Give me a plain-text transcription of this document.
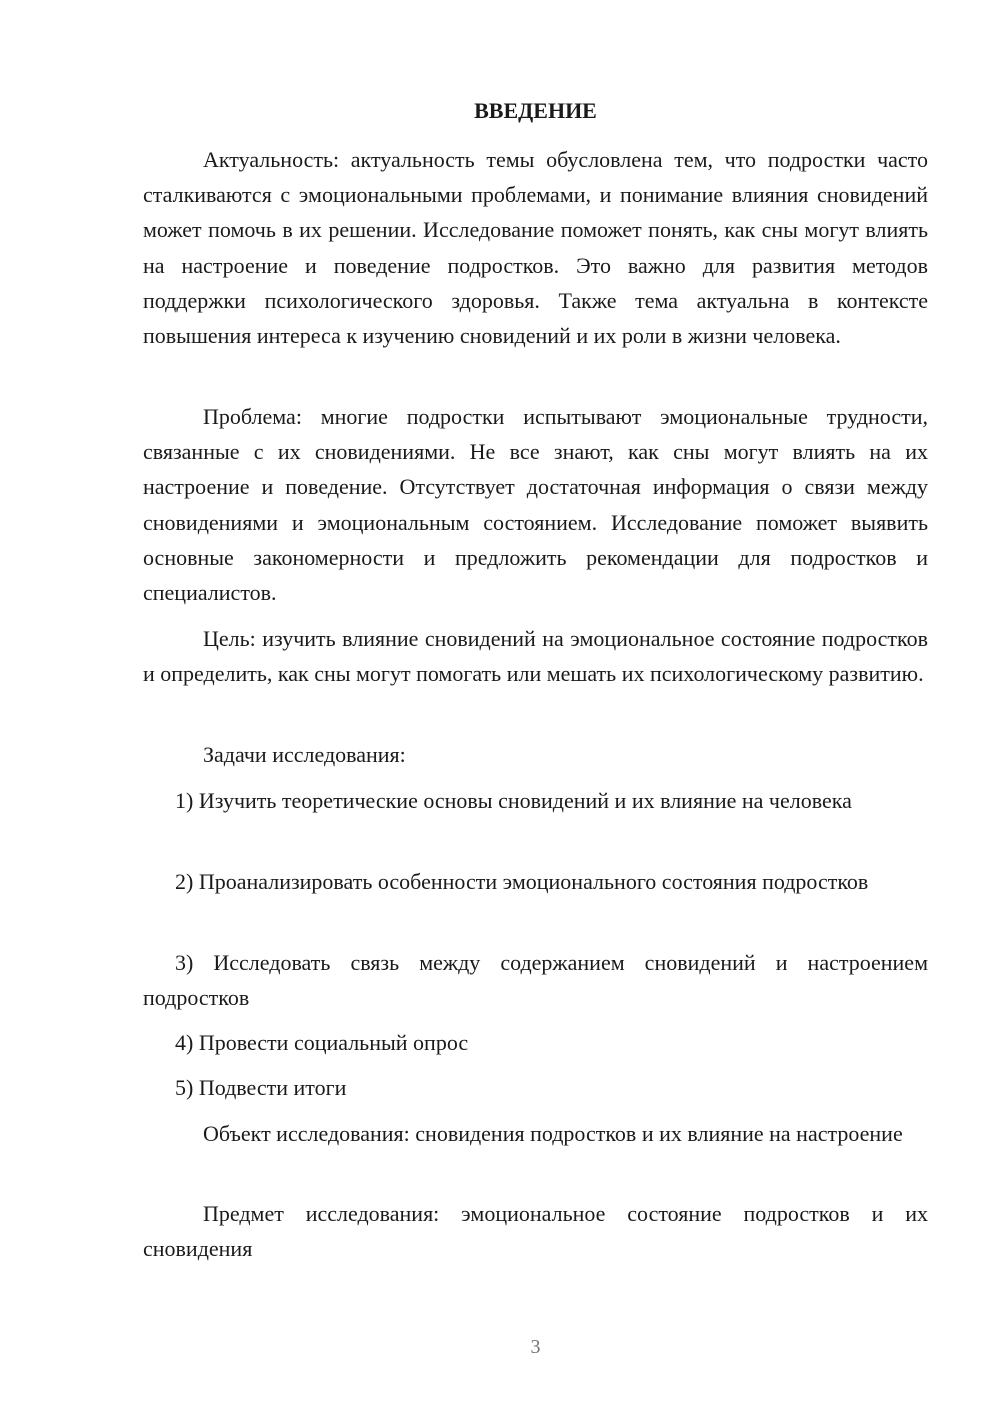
ВВЕДЕНИЕ

Актуальность: актуальность темы обусловлена тем, что подростки часто сталкиваются с эмоциональными проблемами, и понимание влияния сновидений может помочь в их решении. Исследование поможет понять, как сны могут влиять на настроение и поведение подростков. Это важно для развития методов поддержки психологического здоровья. Также тема актуальна в контексте повышения интереса к изучению сновидений и их роли в жизни человека.

Проблема: многие подростки испытывают эмоциональные трудности, связанные с их сновидениями. Не все знают, как сны могут влиять на их настроение и поведение. Отсутствует достаточная информация о связи между сновидениями и эмоциональным состоянием. Исследование поможет выявить основные закономерности и предложить рекомендации для подростков и специалистов.

Цель: изучить влияние сновидений на эмоциональное состояние подростков и определить, как сны могут помогать или мешать их психологическому развитию.

Задачи исследования:

1) Изучить теоретические основы сновидений и их влияние на человека

2) Проанализировать особенности эмоционального состояния подростков

3) Исследовать связь между содержанием сновидений и настроением подростков

4) Провести социальный опрос

5) Подвести итоги

Объект исследования: сновидения подростков и их влияние на настроение

Предмет исследования: эмоциональное состояние подростков и их сновидения

3
